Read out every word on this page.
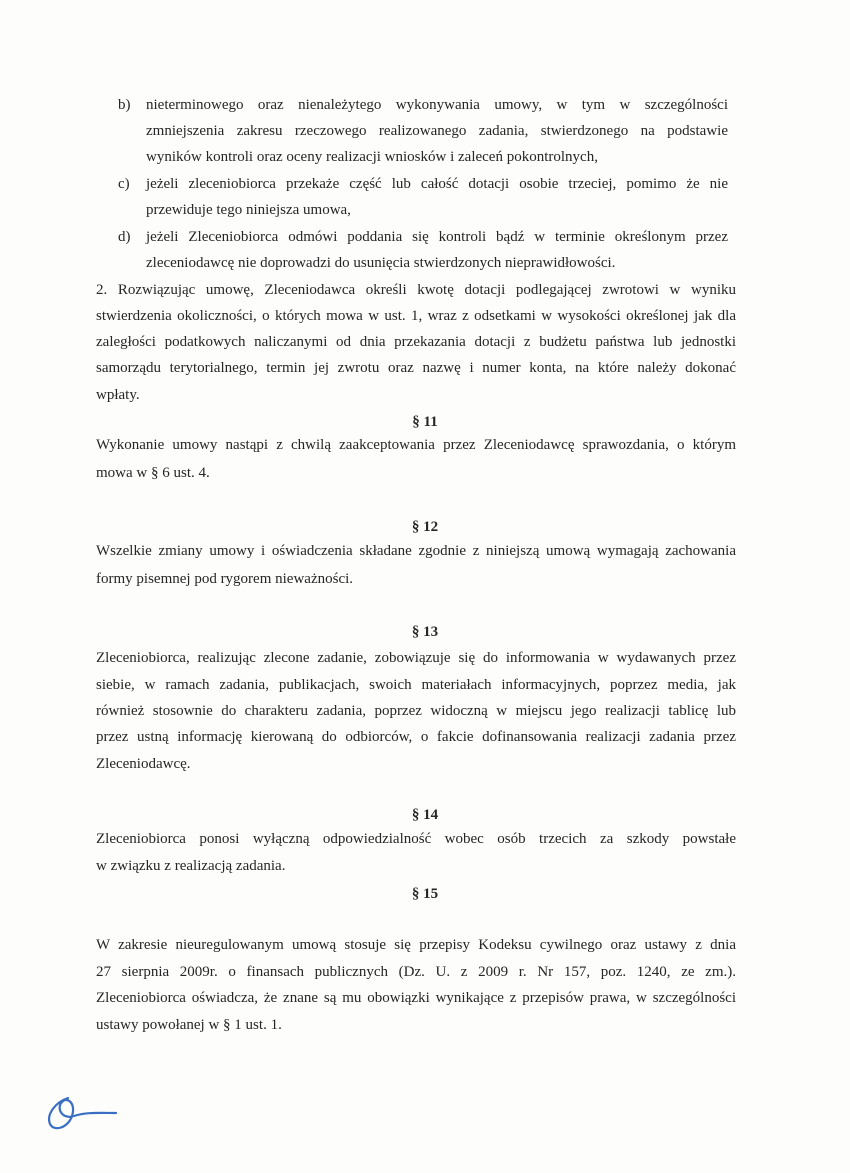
b) nieterminowego oraz nienależytego wykonywania umowy, w tym w szczególności
zmniejszenia zakresu rzeczowego realizowanego zadania, stwierdzonego na podstawie
wyników kontroli oraz oceny realizacji wniosków i zaleceń pokontrolnych,
c) jeżeli zleceniobiorca przekaże część lub całość dotacji osobie trzeciej, pomimo że nie
przewiduje tego niniejsza umowa,
d) jeżeli Zleceniobiorca odmówi poddania się kontroli bądź w terminie określonym przez
zleceniodawcę nie doprowadzi do usunięcia stwierdzonych nieprawidłowości.
2. Rozwiązując umowę, Zleceniodawca określi kwotę dotacji podlegającej zwrotowi w wyniku
stwierdzenia okoliczności, o których mowa w ust. 1, wraz z odsetkami w wysokości określonej jak dla
zaległości podatkowych naliczanymi od dnia przekazania dotacji z budżetu państwa lub jednostki
samorządu terytorialnego, termin jej zwrotu oraz nazwę i numer konta, na które należy dokonać
wpłaty.
§ 11
Wykonanie umowy nastąpi z chwilą zaakceptowania przez Zleceniodawcę sprawozdania, o którym
mowa w § 6 ust. 4.
§ 12
Wszelkie zmiany umowy i oświadczenia składane zgodnie z niniejszą umową wymagają zachowania
formy pisemnej pod rygorem nieważności.
§ 13
Zleceniobiorca, realizując zlecone zadanie, zobowiązuje się do informowania w wydawanych przez
siebie, w ramach zadania, publikacjach, swoich materiałach informacyjnych, poprzez media, jak
również stosownie do charakteru zadania, poprzez widoczną w miejscu jego realizacji tablicę lub
przez ustną informację kierowaną do odbiorców, o fakcie dofinansowania realizacji zadania przez
Zleceniodawcę.
§ 14
Zleceniobiorca ponosi wyłączną odpowiedzialność wobec osób trzecich za szkody powstałe
w związku z realizacją zadania.
§ 15
W zakresie nieuregulowanym umową stosuje się przepisy Kodeksu cywilnego oraz ustawy z dnia
27 sierpnia 2009r. o finansach publicznych (Dz. U. z 2009 r. Nr 157, poz. 1240, ze zm.).
Zleceniobiorca oświadcza, że znane są mu obowiązki wynikające z przepisów prawa, w szczególności
ustawy powołanej w § 1 ust. 1.
